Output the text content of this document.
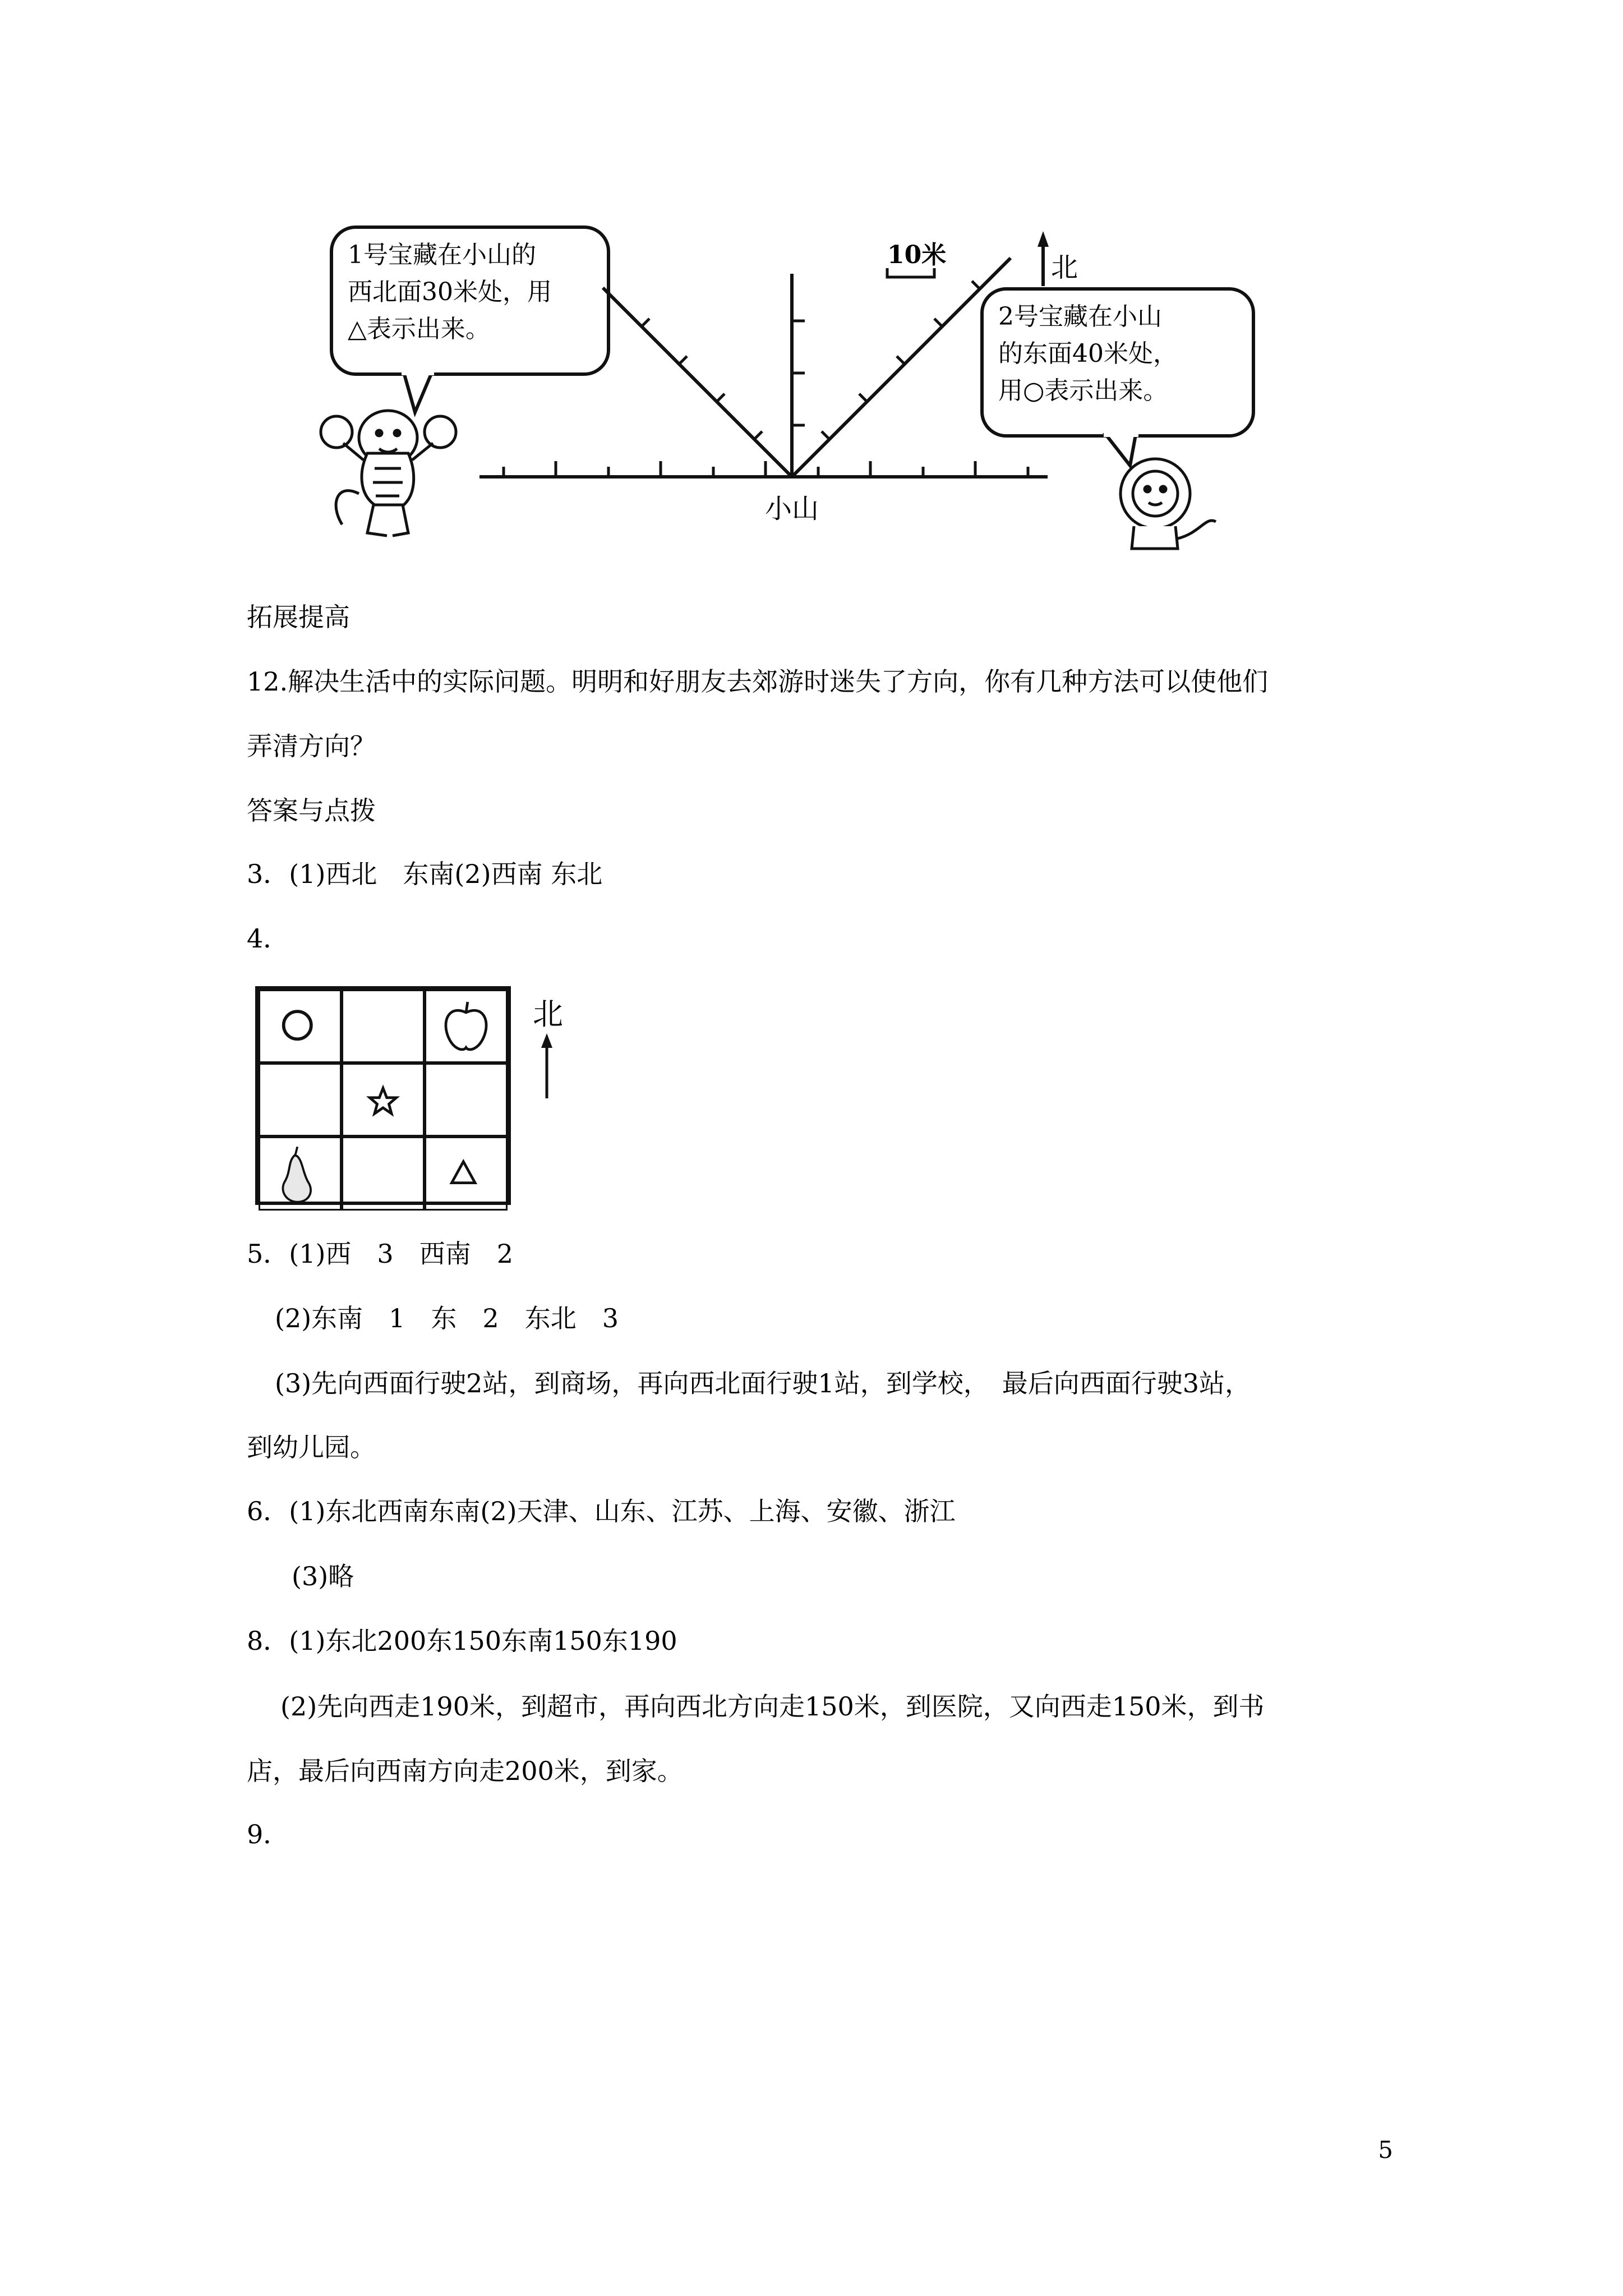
1号宝藏在小山的
西北面30米处，用
△表示出来。	2号宝藏在小山
的东面40米处，
用○表示出来。
10米	北
小山
拓展提高
12.解决生活中的实际问题。明明和好朋友去郊游时迷失了方向，你有几种方法可以使他们
弄清方向？
答案与点拨
3．(1)西北　东南(2)西南 东北
4．
北
5．(1)西　3　西南　2
(2)东南　1　东　2　东北　3
(3)先向西面行驶2站，到商场，再向西北面行驶1站，到学校，　最后向西面行驶3站，
到幼儿园。
6．(1)东北西南东南(2)天津、山东、江苏、上海、安徽、浙江
(3)略
8．(1)东北200东150东南150东190
(2)先向西走190米，到超市，再向西北方向走150米，到医院，又向西走150米，到书
店，最后向西南方向走200米，到家。
9．
5
